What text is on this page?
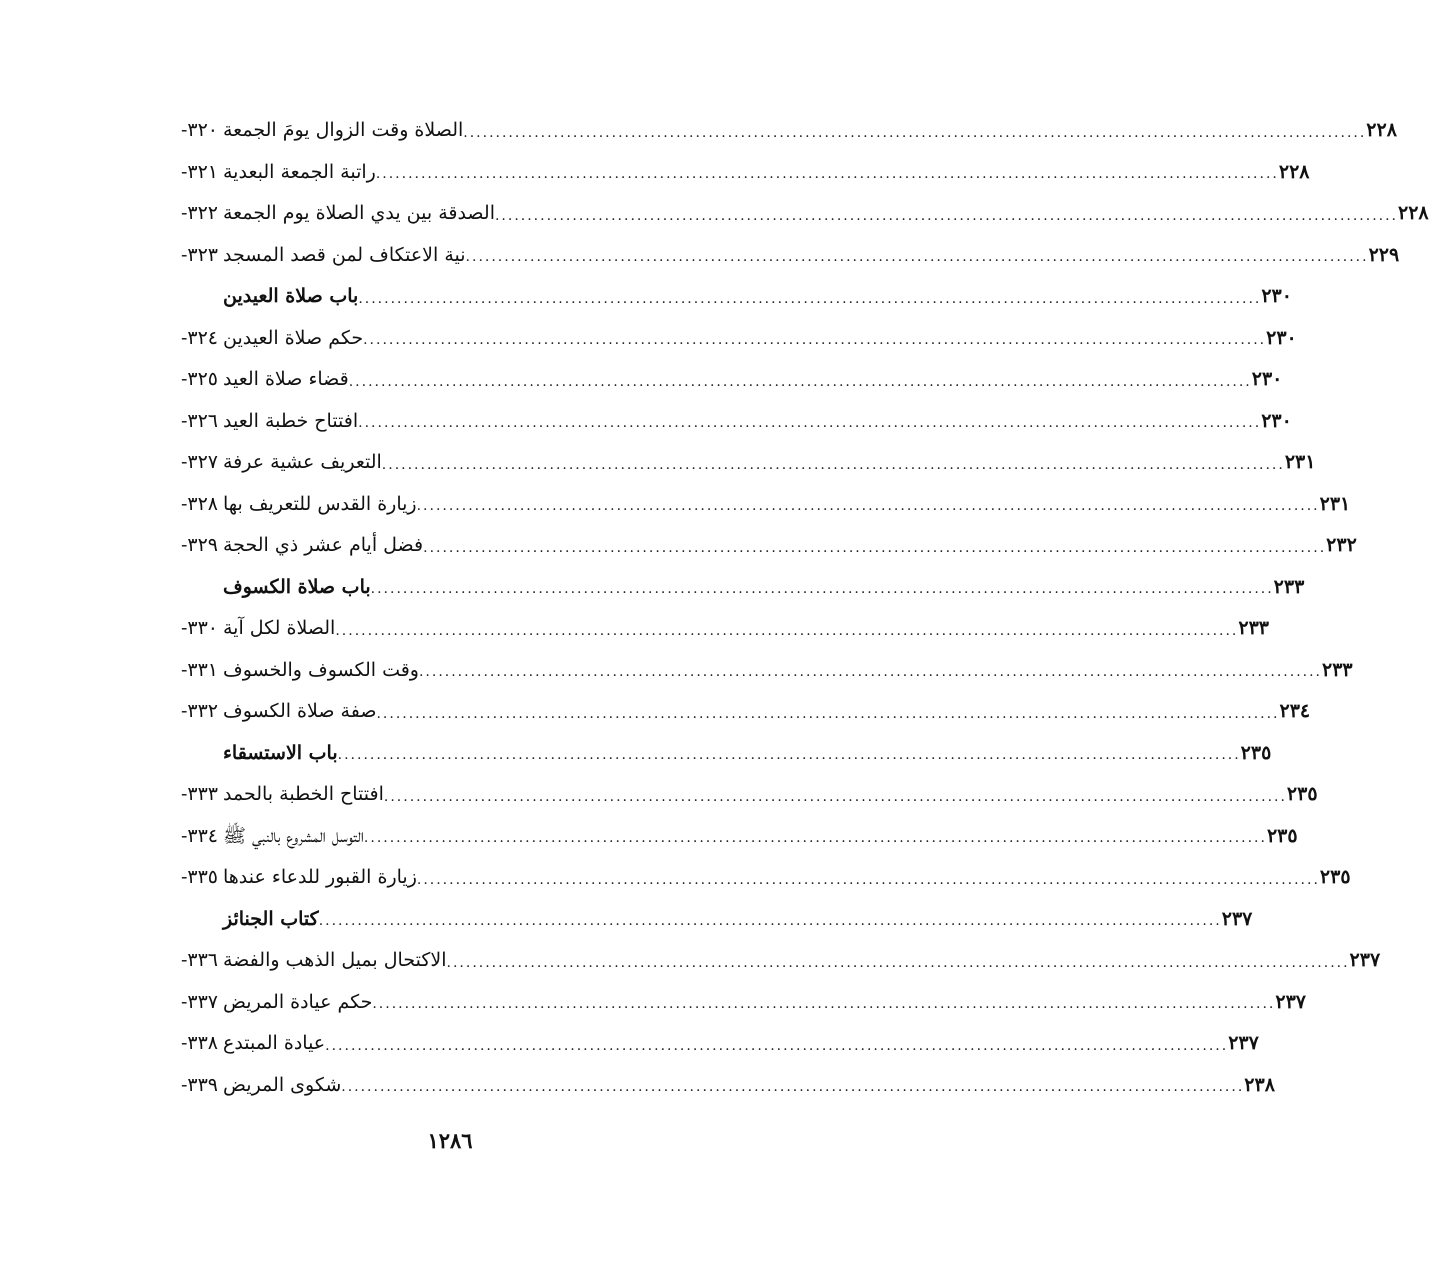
٣٢٠- الصلاة وقت الزوال يومَ الجمعة ............................................................................................................................................ ٢٢٨
٣٢١- راتبة الجمعة البعدية ............................................................................................................................................ ٢٢٨
٣٢٢- الصدقة بين يدي الصلاة يوم الجمعة ............................................................................................................................................ ٢٢٨
٣٢٣- نية الاعتكاف لمن قصد المسجد ............................................................................................................................................ ٢٢٩
باب صلاة العيدين ............................................................................................................................................ ٢٣٠
٣٢٤- حكم صلاة العيدين ............................................................................................................................................ ٢٣٠
٣٢٥- قضاء صلاة العيد ............................................................................................................................................ ٢٣٠
٣٢٦- افتتاح خطبة العيد ............................................................................................................................................ ٢٣٠
٣٢٧- التعريف عشية عرفة ............................................................................................................................................ ٢٣١
٣٢٨- زيارة القدس للتعريف بها ............................................................................................................................................ ٢٣١
٣٢٩- فضل أيام عشر ذي الحجة ............................................................................................................................................ ٢٣٢
باب صلاة الكسوف ............................................................................................................................................ ٢٣٣
٣٣٠- الصلاة لكل آية ............................................................................................................................................ ٢٣٣
٣٣١- وقت الكسوف والخسوف ............................................................................................................................................ ٢٣٣
٣٣٢- صفة صلاة الكسوف ............................................................................................................................................ ٢٣٤
باب الاستسقاء ............................................................................................................................................ ٢٣٥
٣٣٣- افتتاح الخطبة بالحمد ............................................................................................................................................ ٢٣٥
٣٣٤- التوسل المشروع بالنبي ﷺ ............................................................................................................................................ ٢٣٥
٣٣٥- زيارة القبور للدعاء عندها ............................................................................................................................................ ٢٣٥
كتاب الجنائز ............................................................................................................................................ ٢٣٧
٣٣٦- الاكتحال بميل الذهب والفضة ............................................................................................................................................ ٢٣٧
٣٣٧- حكم عيادة المريض ............................................................................................................................................ ٢٣٧
٣٣٨- عيادة المبتدع ............................................................................................................................................ ٢٣٧
٣٣٩- شكوى المريض ............................................................................................................................................ ٢٣٨
١٢٨٦
